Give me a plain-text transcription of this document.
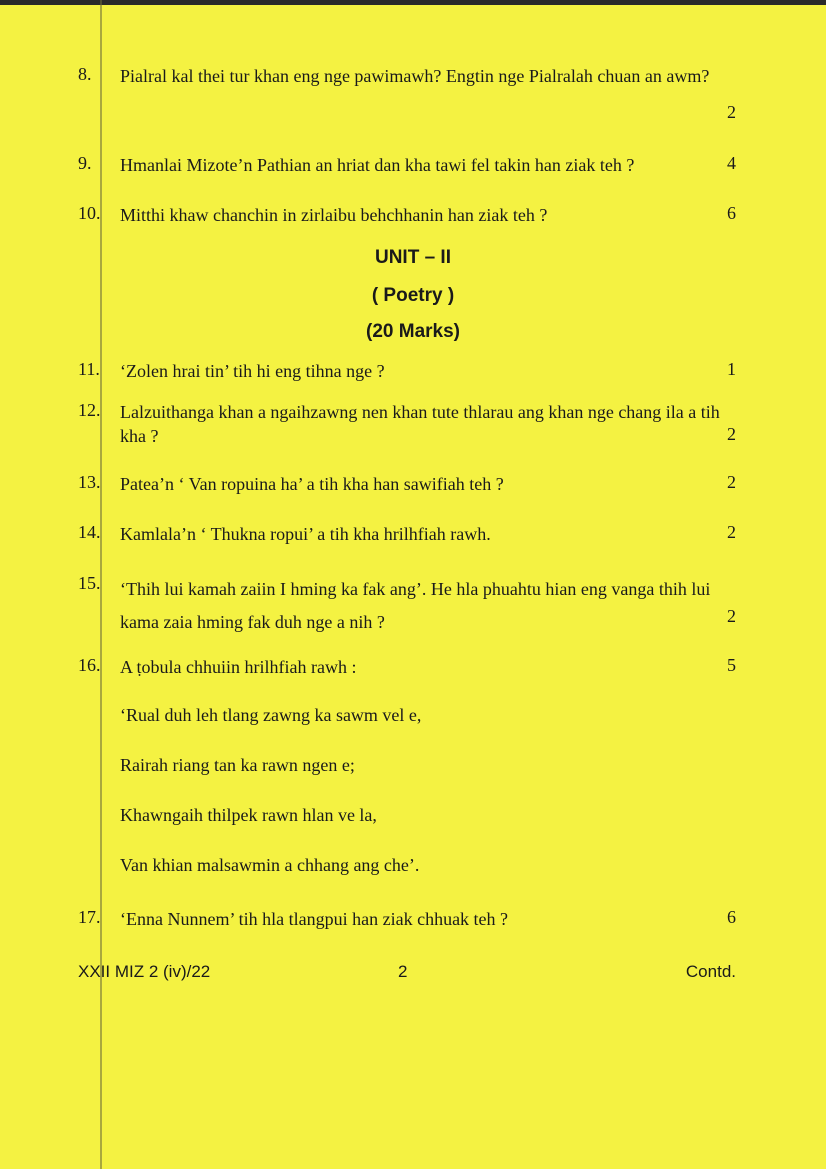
8. Pialral kal thei tur khan eng nge pawimawh? Engtin nge Pialralah chuan an awm?
2
9. Hmanlai Mizote’n Pathian an hriat dan kha tawi fel takin han ziak teh ?	4
10. Mitthi khaw chanchin in zirlaibu behchhanin han ziak teh ?	6
UNIT – II
( Poetry )
(20 Marks)
11. ‘Zolen hrai tin’ tih hi eng tihna nge ?	1
12. Lalzuithanga khan a ngaihzawng nen khan tute thlarau ang khan nge chang ila a tih kha ?	2
13. Patea’n ‘ Van ropuina ha’ a tih kha han sawifiah teh ?	2
14. Kamlala’n ‘ Thukna ropui’ a tih kha hrilhfiah rawh.	2
15. ‘Thih lui kamah zaiin I hming ka fak ang’. He hla phuahtu hian eng vanga thih lui kama zaia hming fak duh nge a nih ?	2
16. A ṭobula chhuiin hrilhfiah rawh :	5
‘Rual duh leh tlang zawng ka sawm vel e,
Rairah riang tan ka rawn ngen e;
Khawngaih thilpek rawn hlan ve la,
Van khian malsawmin a chhang ang che’.
17. ‘Enna Nunnem’ tih hla tlangpui han ziak chhuak teh ?	6
XXII MIZ 2 (iv)/22	2	Contd.
